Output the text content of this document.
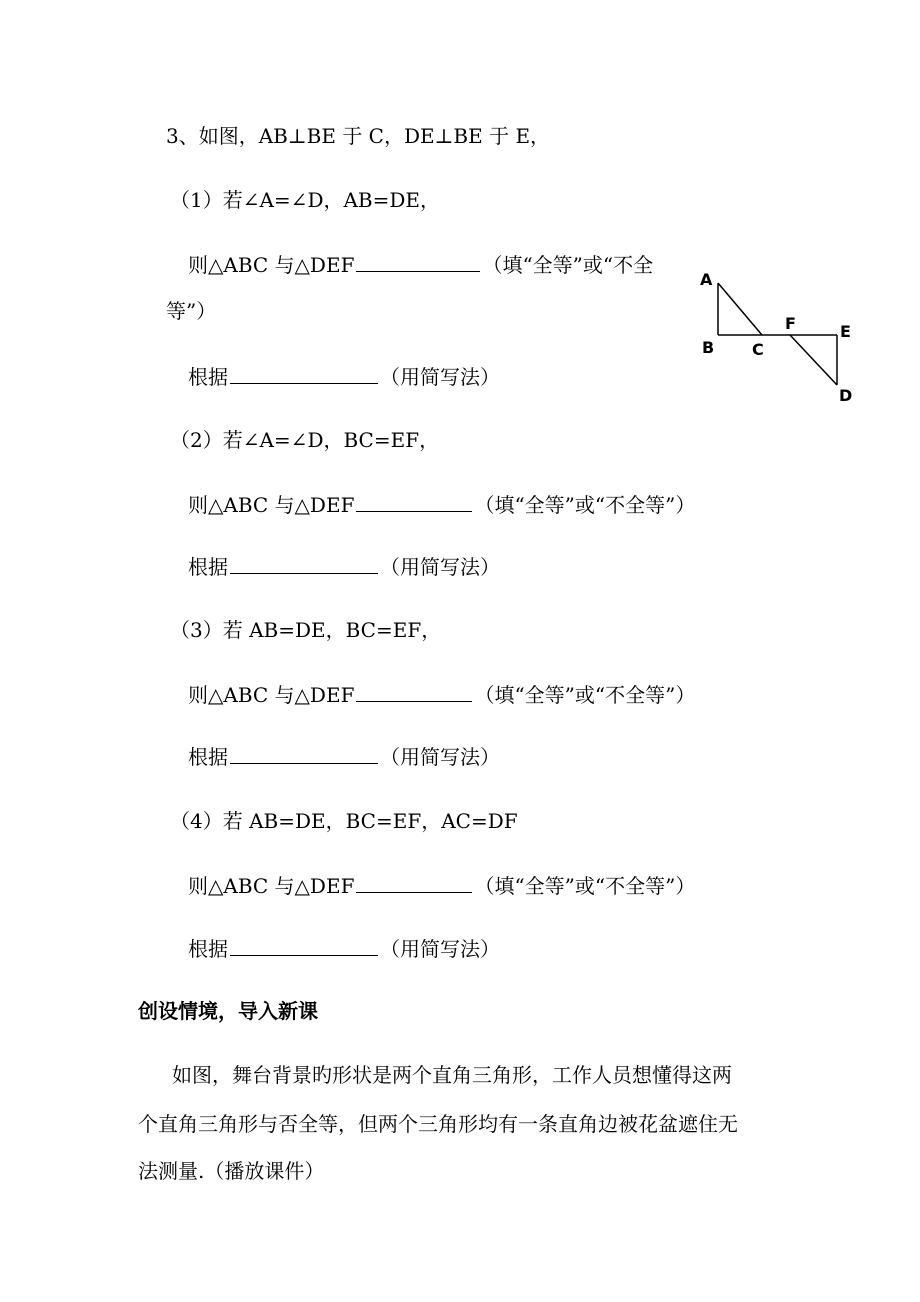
3、如图，AB⊥BE 于 C，DE⊥BE 于 E，
（1）若∠A=∠D，AB=DE，
则△ABC 与△DEF	（填“全等”或“不全
等”）
根据	（用简写法）
（2）若∠A=∠D，BC=EF，
则△ABC 与△DEF	（填“全等”或“不全等”）
根据	（用简写法）
（3）若 AB=DE，BC=EF，
则△ABC 与△DEF	（填“全等”或“不全等”）
根据	（用简写法）
（4）若 AB=DE，BC=EF，AC=DF
则△ABC 与△DEF	（填“全等”或“不全等”）
根据	（用简写法）
创设情境，导入新课
如图，舞台背景旳形状是两个直角三角形，工作人员想懂得这两
个直角三角形与否全等，但两个三角形均有一条直角边被花盆遮住无
法测量.（播放课件）
A
B C
F	E
D
